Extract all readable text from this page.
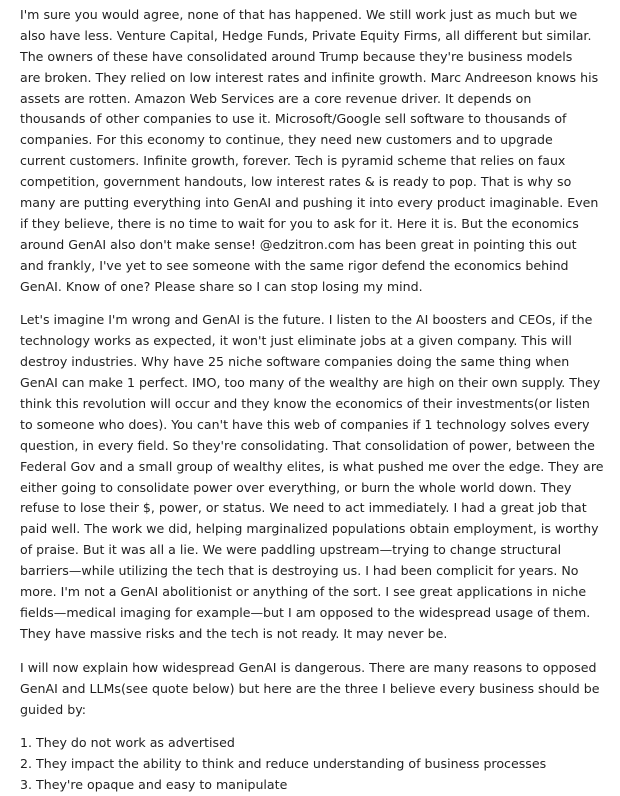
I'm sure you would agree, none of that has happened. We still work just as much but we
also have less. Venture Capital, Hedge Funds, Private Equity Firms, all different but similar.
The owners of these have consolidated around Trump because they're business models
are broken. They relied on low interest rates and infinite growth. Marc Andreeson knows his
assets are rotten. Amazon Web Services are a core revenue driver. It depends on
thousands of other companies to use it. Microsoft/Google sell software to thousands of
companies. For this economy to continue, they need new customers and to upgrade
current customers. Infinite growth, forever. Tech is pyramid scheme that relies on faux
competition, government handouts, low interest rates & is ready to pop. That is why so
many are putting everything into GenAI and pushing it into every product imaginable. Even
if they believe, there is no time to wait for you to ask for it. Here it is. But the economics
around GenAI also don't make sense! @edzitron.com has been great in pointing this out
and frankly, I've yet to see someone with the same rigor defend the economics behind
GenAI. Know of one? Please share so I can stop losing my mind.
Let's imagine I'm wrong and GenAI is the future. I listen to the AI boosters and CEOs, if the
technology works as expected, it won't just eliminate jobs at a given company. This will
destroy industries. Why have 25 niche software companies doing the same thing when
GenAI can make 1 perfect. IMO, too many of the wealthy are high on their own supply. They
think this revolution will occur and they know the economics of their investments(or listen
to someone who does). You can't have this web of companies if 1 technology solves every
question, in every field. So they're consolidating. That consolidation of power, between the
Federal Gov and a small group of wealthy elites, is what pushed me over the edge. They are
either going to consolidate power over everything, or burn the whole world down. They
refuse to lose their $, power, or status. We need to act immediately. I had a great job that
paid well. The work we did, helping marginalized populations obtain employment, is worthy
of praise. But it was all a lie. We were paddling upstream—trying to change structural
barriers—while utilizing the tech that is destroying us. I had been complicit for years. No
more. I'm not a GenAI abolitionist or anything of the sort. I see great applications in niche
fields—medical imaging for example—but I am opposed to the widespread usage of them.
They have massive risks and the tech is not ready. It may never be.
I will now explain how widespread GenAI is dangerous. There are many reasons to opposed
GenAI and LLMs(see quote below) but here are the three I believe every business should be
guided by:
1. They do not work as advertised
2. They impact the ability to think and reduce understanding of business processes
3. They're opaque and easy to manipulate
